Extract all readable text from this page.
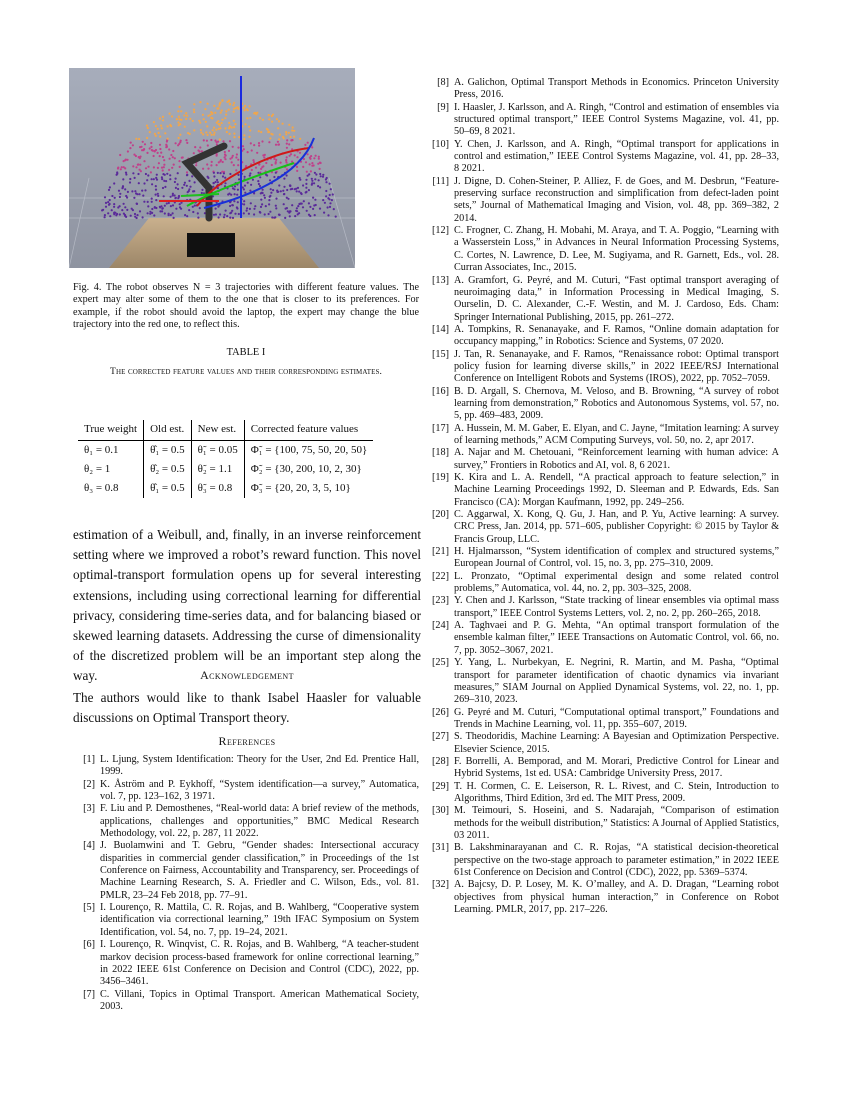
Fig. 4. The robot observes N = 3 trajectories with different feature values. The expert may alter some of them to the one that is closer to its preferences. For example, if the robot should avoid the laptop, the expert may change the blue trajectory into the red one, to reflect this.
TABLE I
The corrected feature values and their corresponding estimates.
True weight	Old est.	New est.	Corrected feature values
θ₁ = 0.1	θ̂₁ = 0.5	θ̃₁ = 0.05	Φ̃₁ = {100, 75, 50, 20, 50}
θ₂ = 1	θ̂₂ = 0.5	θ̃₂ = 1.1	Φ̃₂ = {30, 200, 10, 2, 30}
θ₃ = 0.8	θ̂₁ = 0.5	θ̃₃ = 0.8	Φ̃₃ = {20, 20, 3, 5, 10}
estimation of a Weibull, and, finally, in an inverse reinforcement setting where we improved a robot’s reward function. This novel optimal-transport formulation opens up for several interesting extensions, including using correctional learning for differential privacy, considering time-series data, and for balancing biased or skewed learning datasets. Addressing the curse of dimensionality of the discretized problem will be an important step along the way.	Acknowledgement
The authors would like to thank Isabel Haasler for valuable discussions on Optimal Transport theory.
References
[1] L. Ljung, System Identification: Theory for the User, 2nd Ed. Prentice Hall, 1999.
[2] K. Åström and P. Eykhoff, “System identification—a survey,” Automatica, vol. 7, pp. 123–162, 3 1971.
[3] F. Liu and P. Demosthenes, “Real-world data: A brief review of the methods, applications, challenges and opportunities,” BMC Medical Research Methodology, vol. 22, p. 287, 11 2022.
[4] J. Buolamwini and T. Gebru, “Gender shades: Intersectional accuracy disparities in commercial gender classification,” in Proceedings of the 1st Conference on Fairness, Accountability and Transparency, ser. Proceedings of Machine Learning Research, S. A. Friedler and C. Wilson, Eds., vol. 81. PMLR, 23–24 Feb 2018, pp. 77–91.
[5] I. Lourenço, R. Mattila, C. R. Rojas, and B. Wahlberg, “Cooperative system identification via correctional learning,” 19th IFAC Symposium on System Identification, vol. 54, no. 7, pp. 19–24, 2021.
[6] I. Lourenço, R. Winqvist, C. R. Rojas, and B. Wahlberg, “A teacher-student markov decision process-based framework for online correctional learning,” in 2022 IEEE 61st Conference on Decision and Control (CDC), 2022, pp. 3456–3461.
[7] C. Villani, Topics in Optimal Transport. American Mathematical Society, 2003.
[8] A. Galichon, Optimal Transport Methods in Economics. Princeton University Press, 2016.
[9] I. Haasler, J. Karlsson, and A. Ringh, “Control and estimation of ensembles via structured optimal transport,” IEEE Control Systems Magazine, vol. 41, pp. 50–69, 8 2021.
[10] Y. Chen, J. Karlsson, and A. Ringh, “Optimal transport for applications in control and estimation,” IEEE Control Systems Magazine, vol. 41, pp. 28–33, 8 2021.
[11] J. Digne, D. Cohen-Steiner, P. Alliez, F. de Goes, and M. Desbrun, “Feature-preserving surface reconstruction and simplification from defect-laden point sets,” Journal of Mathematical Imaging and Vision, vol. 48, pp. 369–382, 2 2014.
[12] C. Frogner, C. Zhang, H. Mobahi, M. Araya, and T. A. Poggio, “Learning with a Wasserstein Loss,” in Advances in Neural Information Processing Systems, C. Cortes, N. Lawrence, D. Lee, M. Sugiyama, and R. Garnett, Eds., vol. 28. Curran Associates, Inc., 2015.
[13] A. Gramfort, G. Peyré, and M. Cuturi, “Fast optimal transport averaging of neuroimaging data,” in Information Processing in Medical Imaging, S. Ourselin, D. C. Alexander, C.-F. Westin, and M. J. Cardoso, Eds. Cham: Springer International Publishing, 2015, pp. 261–272.
[14] A. Tompkins, R. Senanayake, and F. Ramos, “Online domain adaptation for occupancy mapping,” in Robotics: Science and Systems, 07 2020.
[15] J. Tan, R. Senanayake, and F. Ramos, “Renaissance robot: Optimal transport policy fusion for learning diverse skills,” in 2022 IEEE/RSJ International Conference on Intelligent Robots and Systems (IROS), 2022, pp. 7052–7059.
[16] B. D. Argall, S. Chernova, M. Veloso, and B. Browning, “A survey of robot learning from demonstration,” Robotics and Autonomous Systems, vol. 57, no. 5, pp. 469–483, 2009.
[17] A. Hussein, M. M. Gaber, E. Elyan, and C. Jayne, “Imitation learning: A survey of learning methods,” ACM Computing Surveys, vol. 50, no. 2, apr 2017.
[18] A. Najar and M. Chetouani, “Reinforcement learning with human advice: A survey,” Frontiers in Robotics and AI, vol. 8, 6 2021.
[19] K. Kira and L. A. Rendell, “A practical approach to feature selection,” in Machine Learning Proceedings 1992, D. Sleeman and P. Edwards, Eds. San Francisco (CA): Morgan Kaufmann, 1992, pp. 249–256.
[20] C. Aggarwal, X. Kong, Q. Gu, J. Han, and P. Yu, Active learning: A survey. CRC Press, Jan. 2014, pp. 571–605, publisher Copyright: © 2015 by Taylor & Francis Group, LLC.
[21] H. Hjalmarsson, “System identification of complex and structured systems,” European Journal of Control, vol. 15, no. 3, pp. 275–310, 2009.
[22] L. Pronzato, “Optimal experimental design and some related control problems,” Automatica, vol. 44, no. 2, pp. 303–325, 2008.
[23] Y. Chen and J. Karlsson, “State tracking of linear ensembles via optimal mass transport,” IEEE Control Systems Letters, vol. 2, no. 2, pp. 260–265, 2018.
[24] A. Taghvaei and P. G. Mehta, “An optimal transport formulation of the ensemble kalman filter,” IEEE Transactions on Automatic Control, vol. 66, no. 7, pp. 3052–3067, 2021.
[25] Y. Yang, L. Nurbekyan, E. Negrini, R. Martin, and M. Pasha, “Optimal transport for parameter identification of chaotic dynamics via invariant measures,” SIAM Journal on Applied Dynamical Systems, vol. 22, no. 1, pp. 269–310, 2023.
[26] G. Peyré and M. Cuturi, “Computational optimal transport,” Foundations and Trends in Machine Learning, vol. 11, pp. 355–607, 2019.
[27] S. Theodoridis, Machine Learning: A Bayesian and Optimization Perspective. Elsevier Science, 2015.
[28] F. Borrelli, A. Bemporad, and M. Morari, Predictive Control for Linear and Hybrid Systems, 1st ed. USA: Cambridge University Press, 2017.
[29] T. H. Cormen, C. E. Leiserson, R. L. Rivest, and C. Stein, Introduction to Algorithms, Third Edition, 3rd ed. The MIT Press, 2009.
[30] M. Teimouri, S. Hoseini, and S. Nadarajah, “Comparison of estimation methods for the weibull distribution,” Statistics: A Journal of Applied Statistics, 03 2011.
[31] B. Lakshminarayanan and C. R. Rojas, “A statistical decision-theoretical perspective on the two-stage approach to parameter estimation,” in 2022 IEEE 61st Conference on Decision and Control (CDC), 2022, pp. 5369–5374.
[32] A. Bajcsy, D. P. Losey, M. K. O’malley, and A. D. Dragan, “Learning robot objectives from physical human interaction,” in Conference on Robot Learning. PMLR, 2017, pp. 217–226.
